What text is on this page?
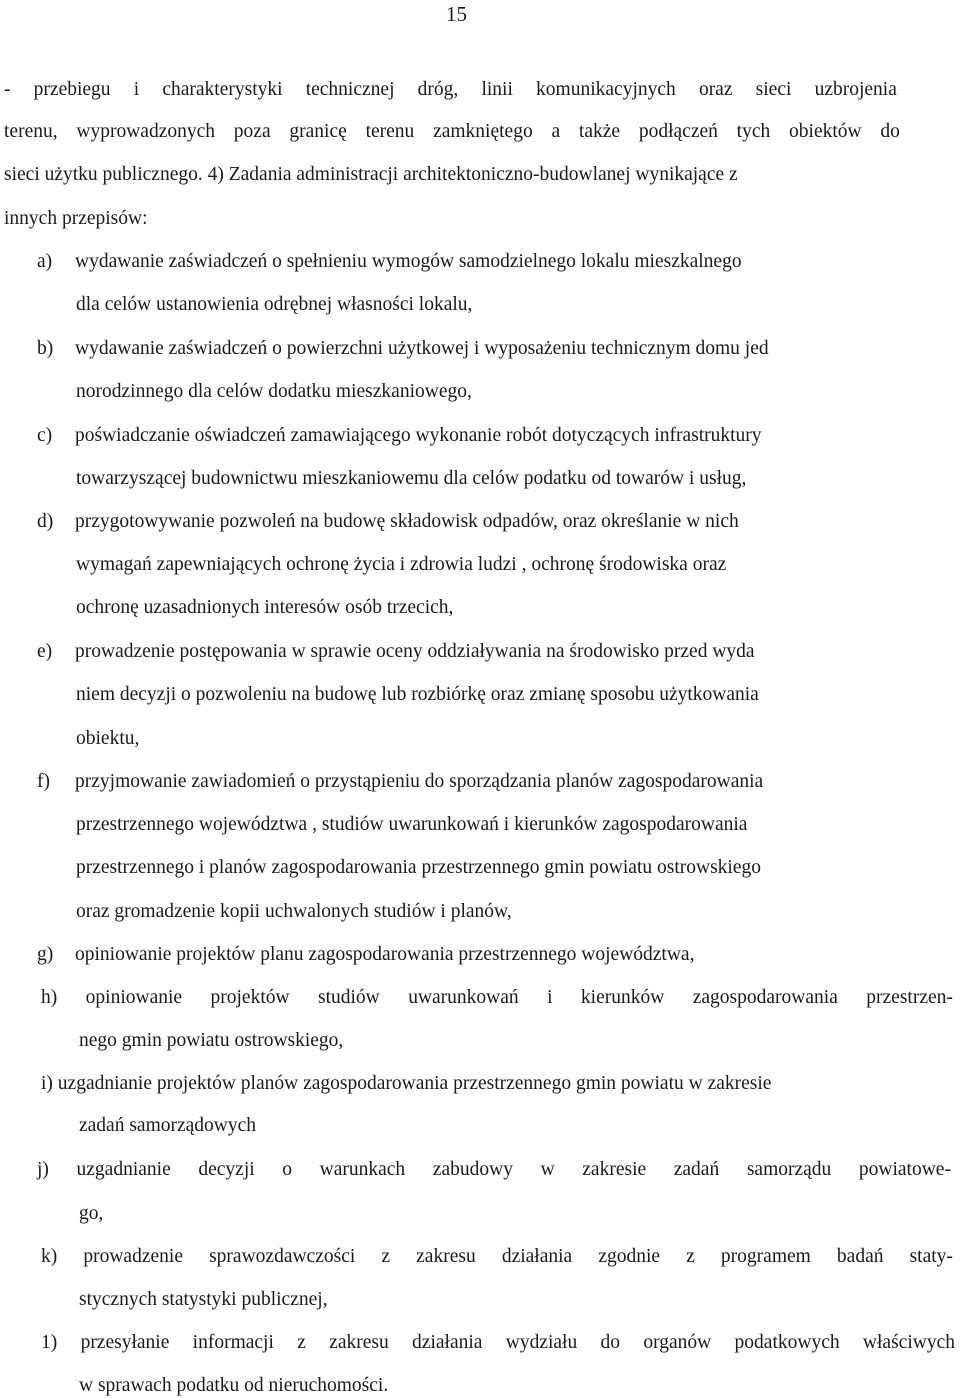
15
- przebiegu i charakterystyki technicznej dróg, linii komunikacyjnych oraz sieci uzbrojenia
terenu, wyprowadzonych poza granicę terenu zamkniętego a także podłączeń tych obiektów do
sieci użytku publicznego. 4) Zadania administracji architektoniczno-budowlanej wynikające z
innych przepisów:
a) wydawanie zaświadczeń o spełnieniu wymogów samodzielnego lokalu mieszkalnego
dla celów ustanowienia odrębnej własności lokalu,
b) wydawanie zaświadczeń o powierzchni użytkowej i wyposażeniu technicznym domu jed
norodzinnego dla celów dodatku mieszkaniowego,
c) poświadczanie oświadczeń zamawiającego wykonanie robót dotyczących infrastruktury
towarzyszącej budownictwu mieszkaniowemu dla celów podatku od towarów i usług,
d) przygotowywanie pozwoleń na budowę składowisk odpadów, oraz określanie w nich
wymagań zapewniających ochronę życia i zdrowia ludzi , ochronę środowiska oraz
ochronę uzasadnionych interesów osób trzecich,
e) prowadzenie postępowania w sprawie oceny oddziaływania na środowisko przed wyda
niem decyzji o pozwoleniu na budowę lub rozbiórkę oraz zmianę sposobu użytkowania
obiektu,
f) przyjmowanie zawiadomień o przystąpieniu do sporządzania planów zagospodarowania
przestrzennego województwa , studiów uwarunkowań i kierunków zagospodarowania
przestrzennego i planów zagospodarowania przestrzennego gmin powiatu ostrowskiego
oraz gromadzenie kopii uchwalonych studiów i planów,
g) opiniowanie projektów planu zagospodarowania przestrzennego województwa,
h) opiniowanie projektów studiów uwarunkowań i kierunków zagospodarowania przestrzen-
nego gmin powiatu ostrowskiego,
i) uzgadnianie projektów planów zagospodarowania przestrzennego gmin powiatu w zakresie
zadań samorządowych
j) uzgadnianie decyzji o warunkach zabudowy w zakresie zadań samorządu powiatowe-
go,
k) prowadzenie sprawozdawczości z zakresu działania zgodnie z programem badań staty-
stycznych statystyki publicznej,
1) przesyłanie informacji z zakresu działania wydziału do organów podatkowych właściwych
w sprawach podatku od nieruchomości.
